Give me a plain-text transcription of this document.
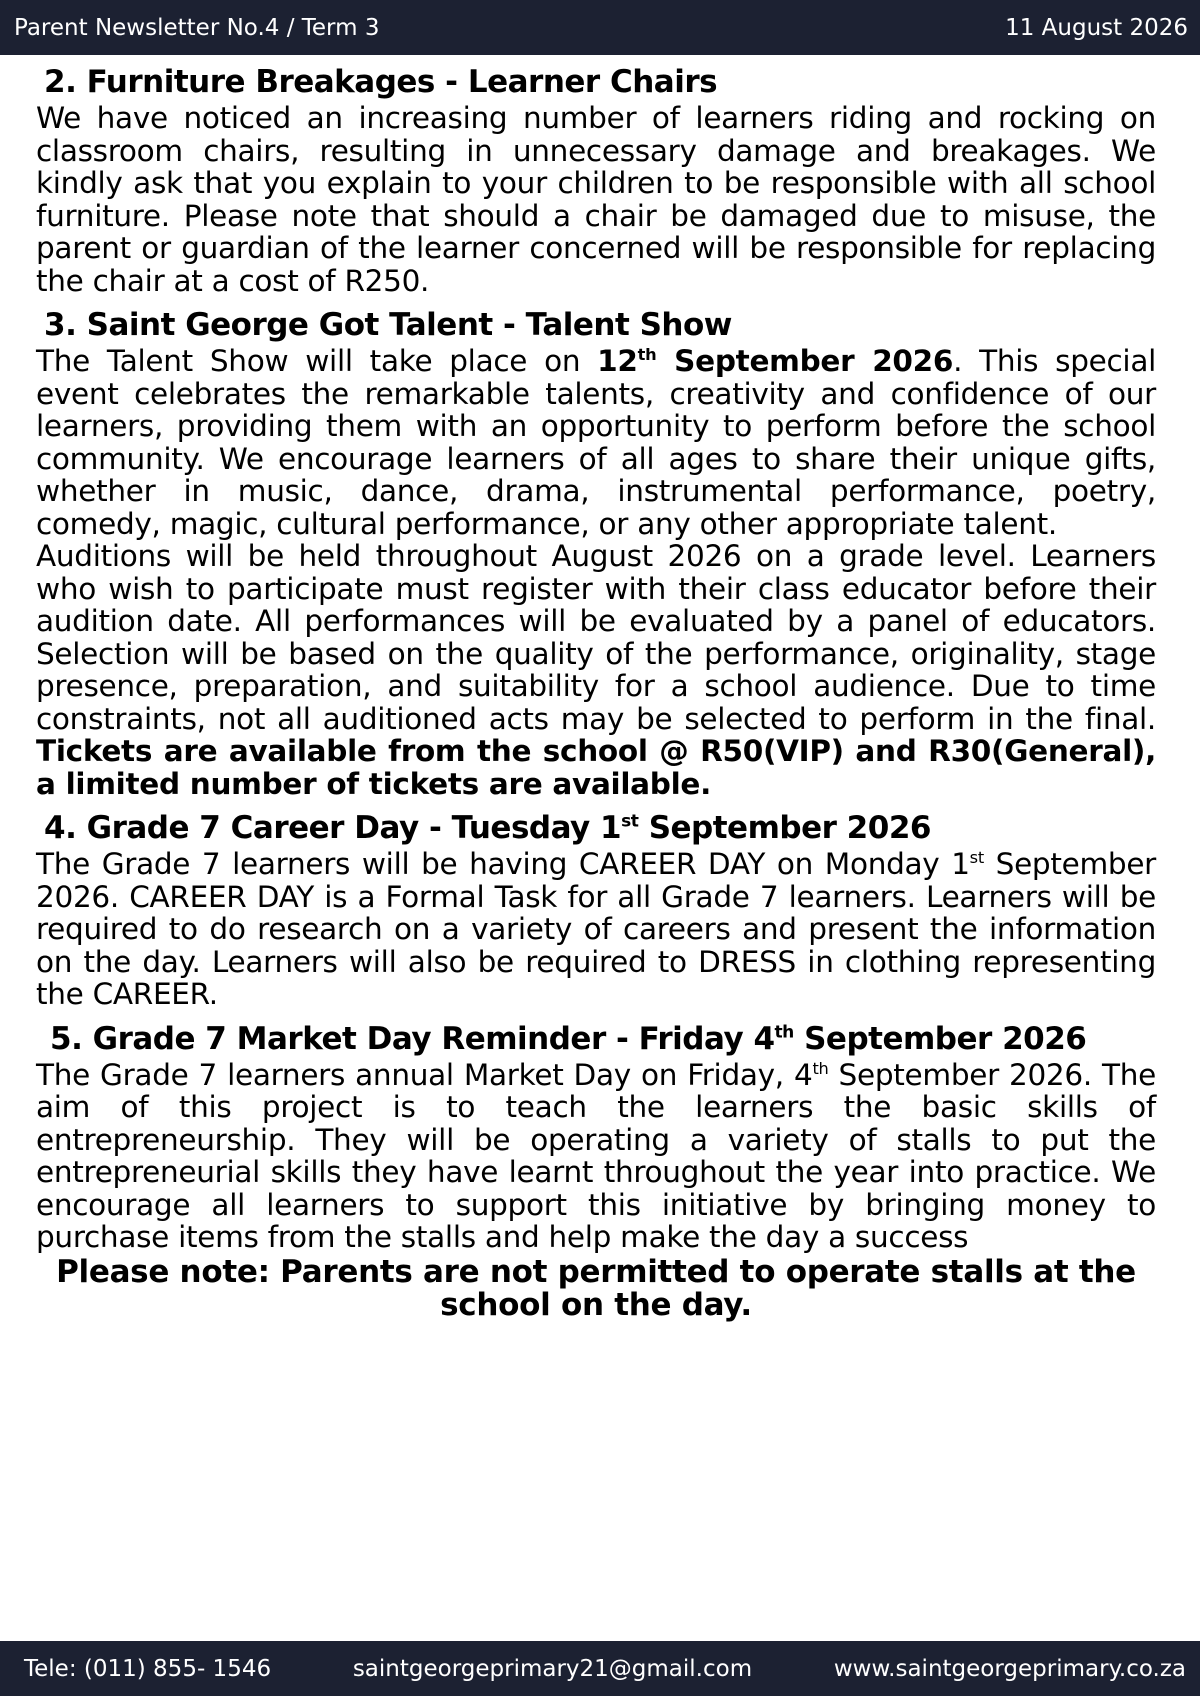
Parent Newsletter No.4 / Term 3	11 August 2026
2. Furniture Breakages - Learner Chairs

We have noticed an increasing number of learners riding and rocking on classroom chairs, resulting in unnecessary damage and breakages. We kindly ask that you explain to your children to be responsible with all school furniture. Please note that should a chair be damaged due to misuse, the parent or guardian of the learner concerned will be responsible for replacing the chair at a cost of R250.

3. Saint George Got Talent - Talent Show

The Talent Show will take place on 12th September 2026. This special event celebrates the remarkable talents, creativity and confidence of our learners, providing them with an opportunity to perform before the school community. We encourage learners of all ages to share their unique gifts, whether in music, dance, drama, instrumental performance, poetry, comedy, magic, cultural performance, or any other appropriate talent.

Auditions will be held throughout August 2026 on a grade level. Learners who wish to participate must register with their class educator before their audition date. All performances will be evaluated by a panel of educators. Selection will be based on the quality of the performance, originality, stage presence, preparation, and suitability for a school audience. Due to time constraints, not all auditioned acts may be selected to perform in the final. Tickets are available from the school @ R50(VIP) and R30(General), a limited number of tickets are available.

4. Grade 7 Career Day - Tuesday 1st September 2026

The Grade 7 learners will be having CAREER DAY on Monday 1st September 2026. CAREER DAY is a Formal Task for all Grade 7 learners. Learners will be required to do research on a variety of careers and present the information on the day. Learners will also be required to DRESS in clothing representing the CAREER.

5. Grade 7 Market Day Reminder - Friday 4th September 2026

The Grade 7 learners annual Market Day on Friday, 4th September 2026. The aim of this project is to teach the learners the basic skills of entrepreneurship. They will be operating a variety of stalls to put the entrepreneurial skills they have learnt throughout the year into practice. We encourage all learners to support this initiative by bringing money to purchase items from the stalls and help make the day a success

Please note: Parents are not permitted to operate stalls at the school on the day.

Tele: (011) 855- 1546	saintgeorgeprimary21@gmail.com	www.saintgeorgeprimary.co.za
